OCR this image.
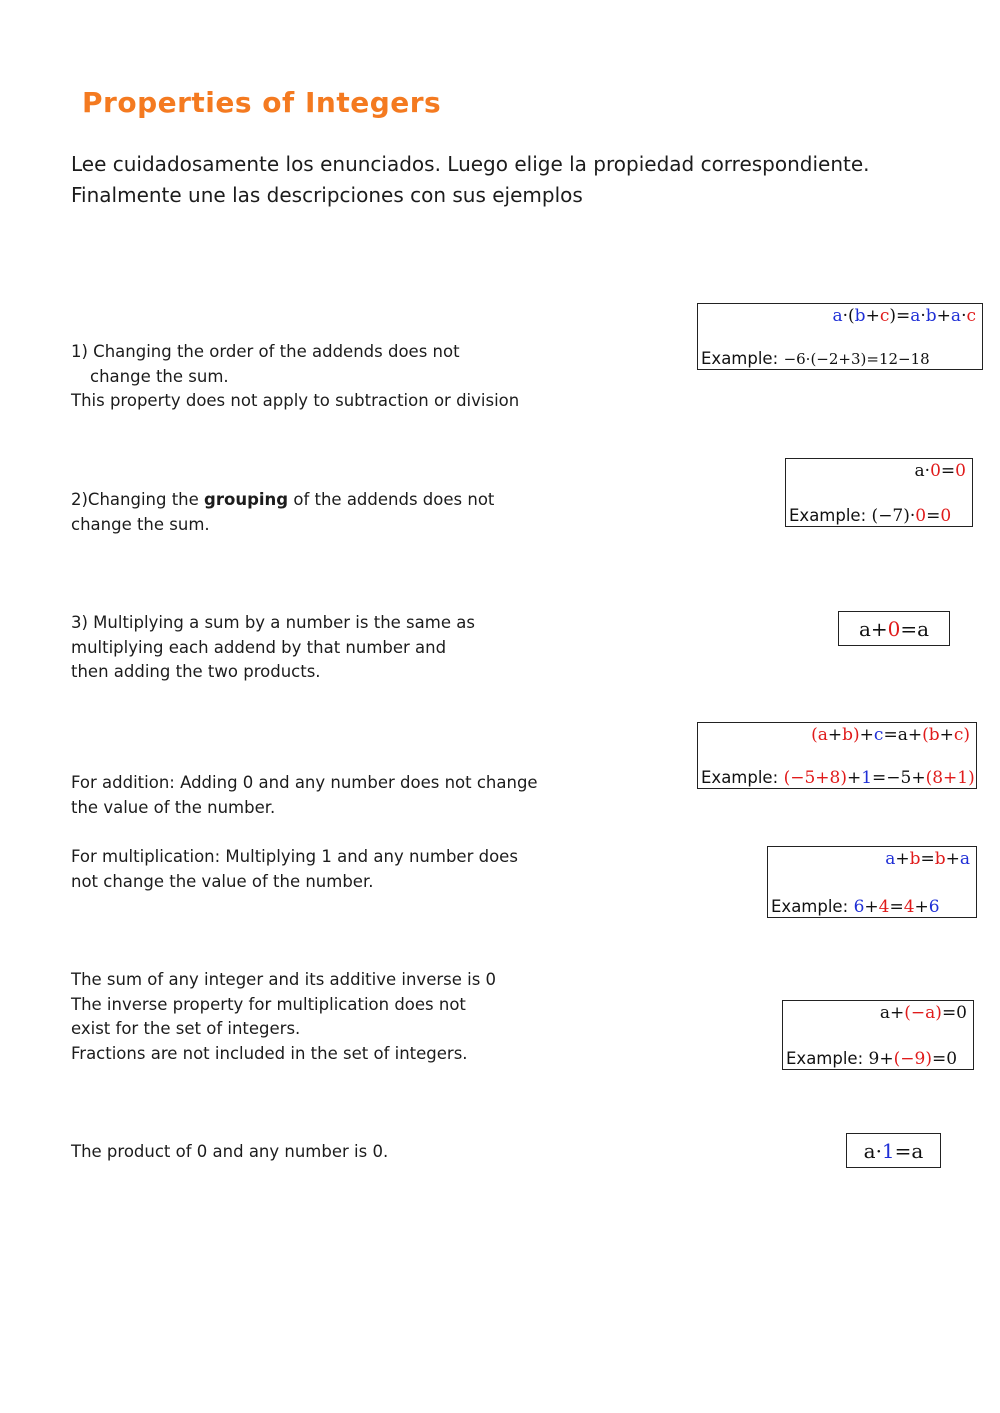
Properties of Integers
Lee cuidadosamente los enunciados. Luego elige la propiedad correspondiente.
Finalmente une las descripciones con sus ejemplos
1) Changing the order of the addends does not
change the sum.
This property does not apply to subtraction or division
2)Changing the grouping of the addends does not
change the sum.
3) Multiplying a sum by a number is the same as
multiplying each addend by that number and
then adding the two products.
For addition: Adding 0 and any number does not change
the value of the number.
For multiplication: Multiplying 1 and any number does
not change the value of the number.
The sum of any integer and its additive inverse is 0
The inverse property for multiplication does not
exist for the set of integers.
Fractions are not included in the set of integers.
The product of 0 and any number is 0.
a·(b+c)=a·b+a·c
Example: −6·(−2+3)=12−18
a·0=0
Example: (−7)·0=0
a+0=a
(a+b)+c=a+(b+c)
Example: (−5+8)+1=−5+(8+1)
a+b=b+a
Example: 6+4=4+6
a+(−a)=0
Example: 9+(−9)=0
a·1=a
